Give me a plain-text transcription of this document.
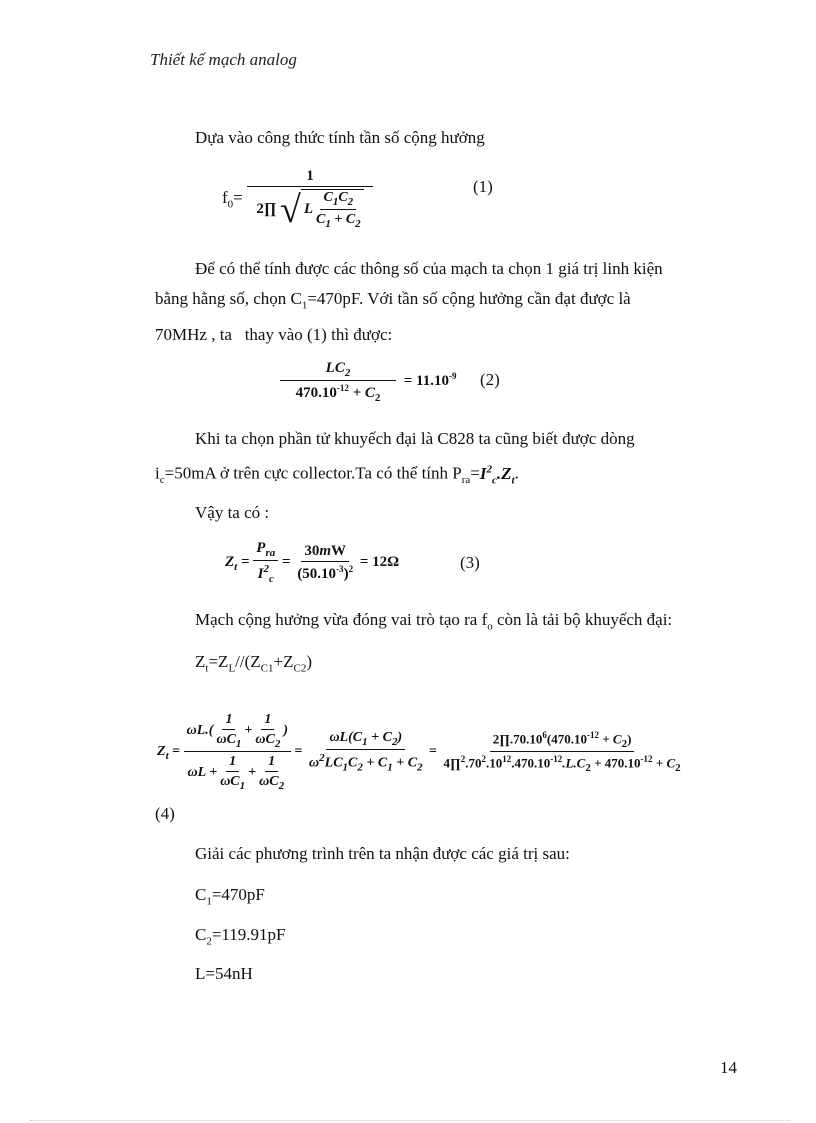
Thiết kế mạch analog
Dựa vào công thức tính tần số cộng hưởng
$f_0= \frac{1}{2\prod √ L \frac{C_1C_2}{C_1 + C_2}}$	(1)
Để có thể tính được các thông số của mạch ta chọn 1 giá trị linh kiện
bằng hằng số, chọn $C_1=470pF$. Với tần số cộng hưởng cần đạt được là
70MHz , ta   thay vào (1) thì được:
$\frac{LC_2}{470.10^{-12} + C_2} = 11.10^{-9}$ (2)
Khi ta chọn phần tử khuyếch đại là C828 ta cũng biết được dòng
$i_c=50mA$ ở trên cực collector.Ta có thể tính $P_{ra}=I^2_c.Z_t$.
Vậy ta có :
$Z_t = \frac{P_{ra}}{I^2_c} = \frac{30mW}{(50.10^{-3})^2} = 12\Omega$	(3)
Mạch cộng hưởng vừa đóng vai trò tạo ra $f_o$ còn là tải bộ khuyếch đại:
$Z_t=Z_L//(Z_{C1}+Z_{C2})$
$Z_t = \frac{\omega L.( \frac{1}{\omega C_1} + \frac{1}{\omega C_2} )}{\omega L + \frac{1}{\omega C_1} + \frac{1}{\omega C_2}} = \frac{\omega L(C_1 + C_2)}{\omega^2LC_1C_2 + C_1 + C_2} = \frac{2\prod.70.10^6(470.10^{-12} + C_2)}{4\prod^2.70^2.10^{12}.470.10^{-12}.L.C_2 + 470.10^{-12} + C_2}$
(4)
Giải các phương trình trên ta nhận được các giá trị sau:
$C_1=470pF$
$C_2=119.91pF$
L=54nH
14
